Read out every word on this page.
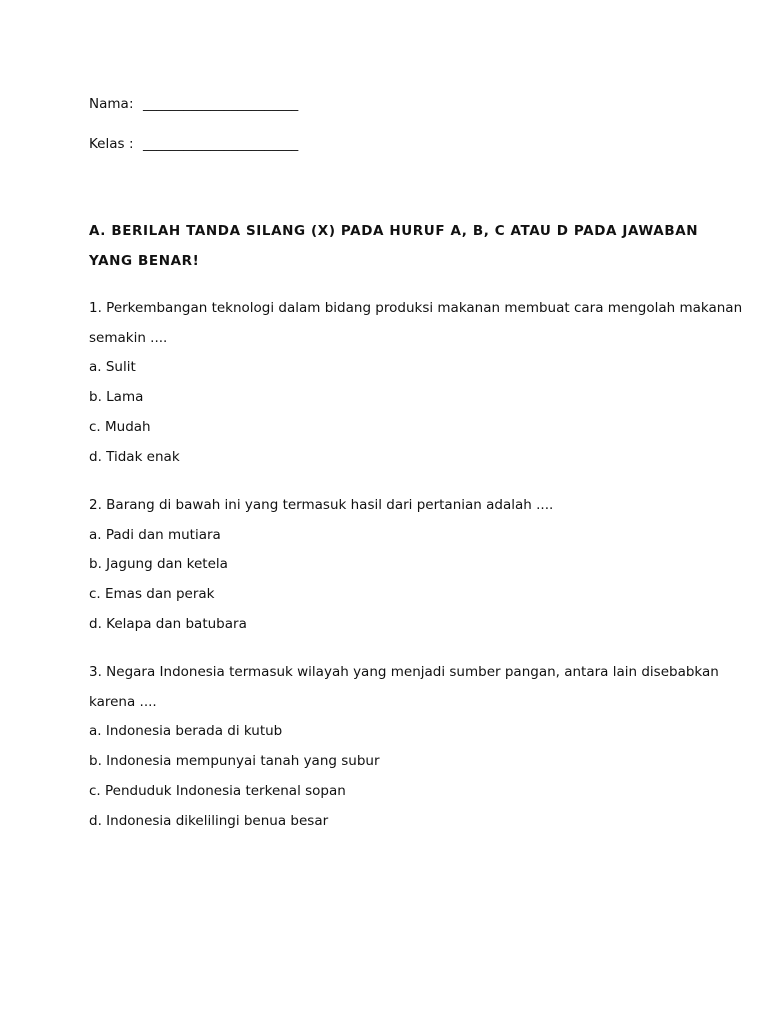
Nama: _______________________
Kelas : _______________________
A. BERILAH TANDA SILANG (X) PADA HURUF A, B, C ATAU D PADA JAWABAN
YANG BENAR!
1. Perkembangan teknologi dalam bidang produksi makanan membuat cara mengolah makanan
semakin ....
a. Sulit
b. Lama
c. Mudah
d. Tidak enak
2. Barang di bawah ini yang termasuk hasil dari pertanian adalah ....
a. Padi dan mutiara
b. Jagung dan ketela
c. Emas dan perak
d. Kelapa dan batubara
3. Negara Indonesia termasuk wilayah yang menjadi sumber pangan, antara lain disebabkan
karena ....
a. Indonesia berada di kutub
b. Indonesia mempunyai tanah yang subur
c. Penduduk Indonesia terkenal sopan
d. Indonesia dikelilingi benua besar
